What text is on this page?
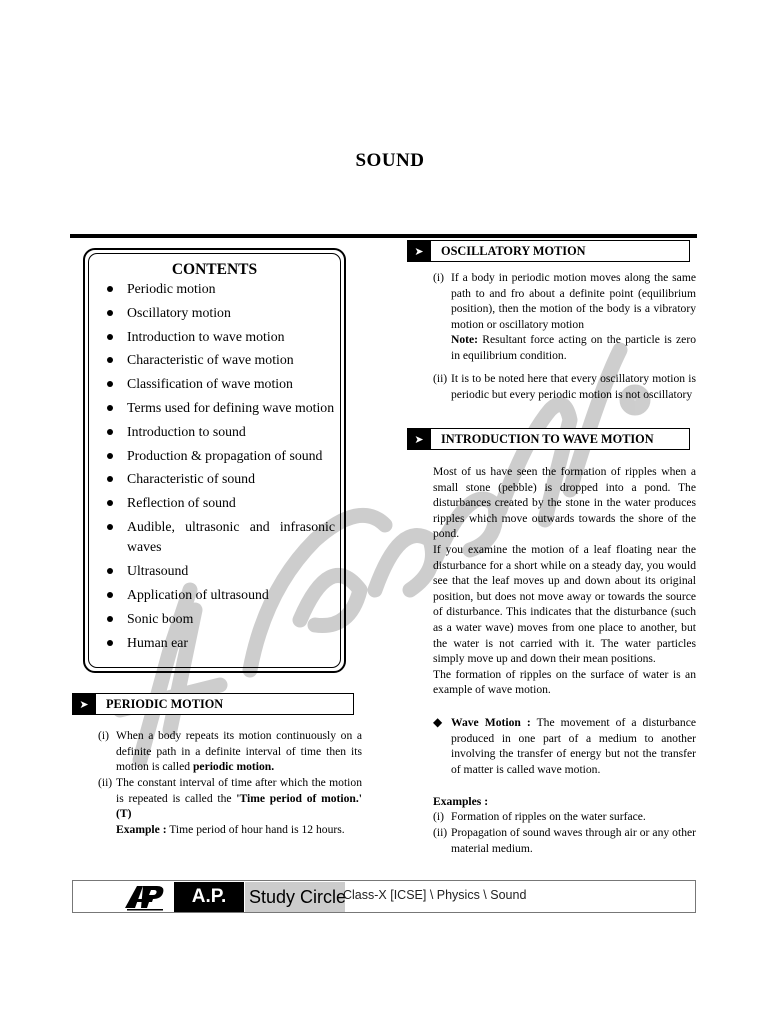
SOUND
CONTENTS
Periodic motion
Oscillatory motion
Introduction to wave motion
Characteristic of wave motion
Classification of wave motion
Terms used for defining wave motion
Introduction to sound
Production & propagation of sound
Characteristic of sound
Reflection of sound
Audible, ultrasonic and infrasonic waves
Ultrasound
Application of ultrasound
Sonic boom
Human ear
➤	PERIODIC MOTION
(i) When a body repeats its motion continuously on a definite path in a definite interval of time then its motion is called periodic motion.
(ii) The constant interval of time after which the motion is repeated is called the 'Time period of motion.' (T)
Example : Time period of hour hand is 12 hours.
➤	OSCILLATORY MOTION
(i) If a body in periodic motion moves along the same path to and fro about a definite point (equilibrium position), then the motion of the body is a vibratory motion or oscillatory motion
Note: Resultant force acting on the particle is zero in equilibrium condition.
(ii) It is to be noted here that every oscillatory motion is periodic but every periodic motion is not oscillatory
➤	INTRODUCTION TO WAVE MOTION
Most of us have seen the formation of ripples when a small stone (pebble) is dropped into a pond. The disturbances created by the stone in the water produces ripples which move outwards towards the shore of the pond.
If you examine the motion of a leaf floating near the disturbance for a short while on a steady day, you would see that the leaf moves up and down about its original position, but does not move away or towards the source of disturbance. This indicates that the disturbance (such as a water wave) moves from one place to another, but the water is not carried with it. The water particles simply move up and down their mean positions.
The formation of ripples on the surface of water is an example of wave motion.
◆ Wave Motion : The movement of a disturbance produced in one part of a medium to another involving the transfer of energy but not the transfer of matter is called wave motion.
Examples :
(i) Formation of ripples on the water surface.
(ii) Propagation of sound waves through air or any other material medium.
A.P.	Study Circle
Class-X [ICSE] \ Physics \ Sound
